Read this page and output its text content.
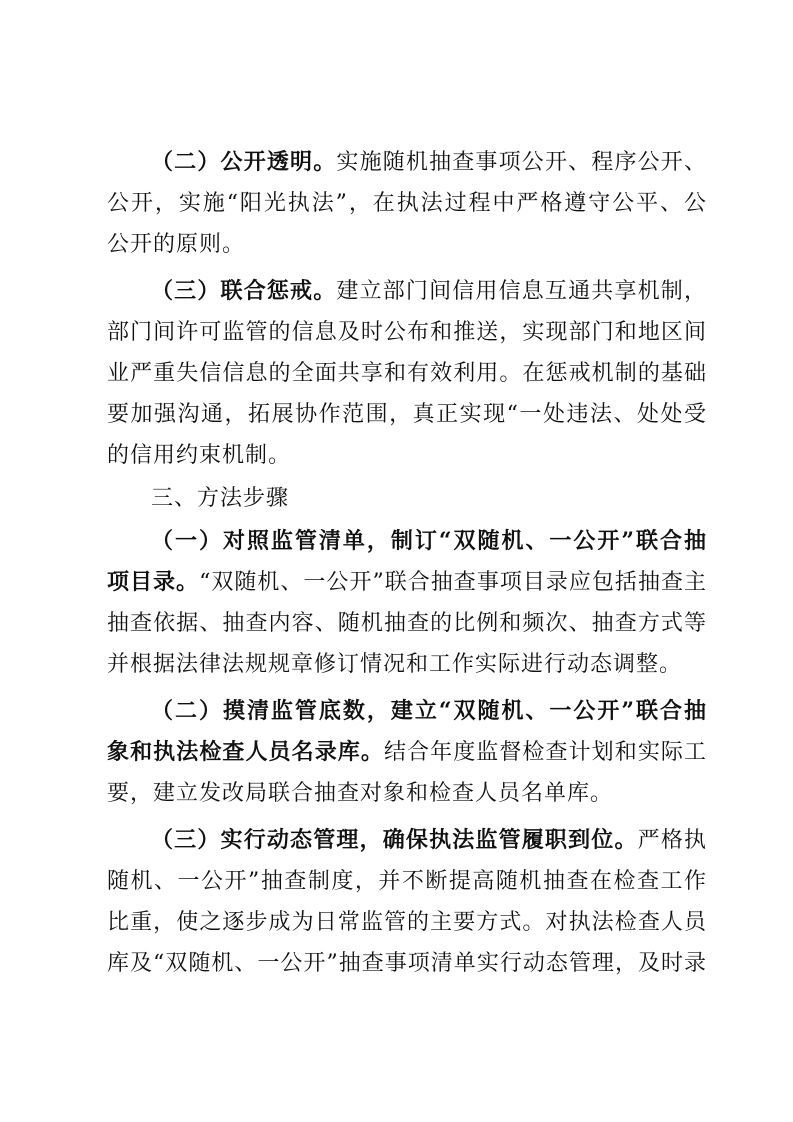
（二）公开透明。实施随机抽查事项公开、程序公开、
公开，实施“阳光执法”，在执法过程中严格遵守公平、公
公开的原则。
（三）联合惩戒。建立部门间信用信息互通共享机制，
部门间许可监管的信息及时公布和推送，实现部门和地区间
业严重失信信息的全面共享和有效利用。在惩戒机制的基础
要加强沟通，拓展协作范围，真正实现“一处违法、处处受
的信用约束机制。
三、方法步骤
（一）对照监管清单，制订“双随机、一公开”联合抽
项目录。“双随机、一公开”联合抽查事项目录应包括抽查主
抽查依据、抽查内容、随机抽查的比例和频次、抽查方式等
并根据法律法规规章修订情况和工作实际进行动态调整。
（二）摸清监管底数，建立“双随机、一公开”联合抽
象和执法检查人员名录库。结合年度监督检查计划和实际工
要，建立发改局联合抽查对象和检查人员名单库。
（三）实行动态管理，确保执法监管履职到位。严格执
随机、一公开”抽查制度，并不断提高随机抽查在检查工作
比重，使之逐步成为日常监管的主要方式。对执法检查人员
库及“双随机、一公开”抽查事项清单实行动态管理，及时录
